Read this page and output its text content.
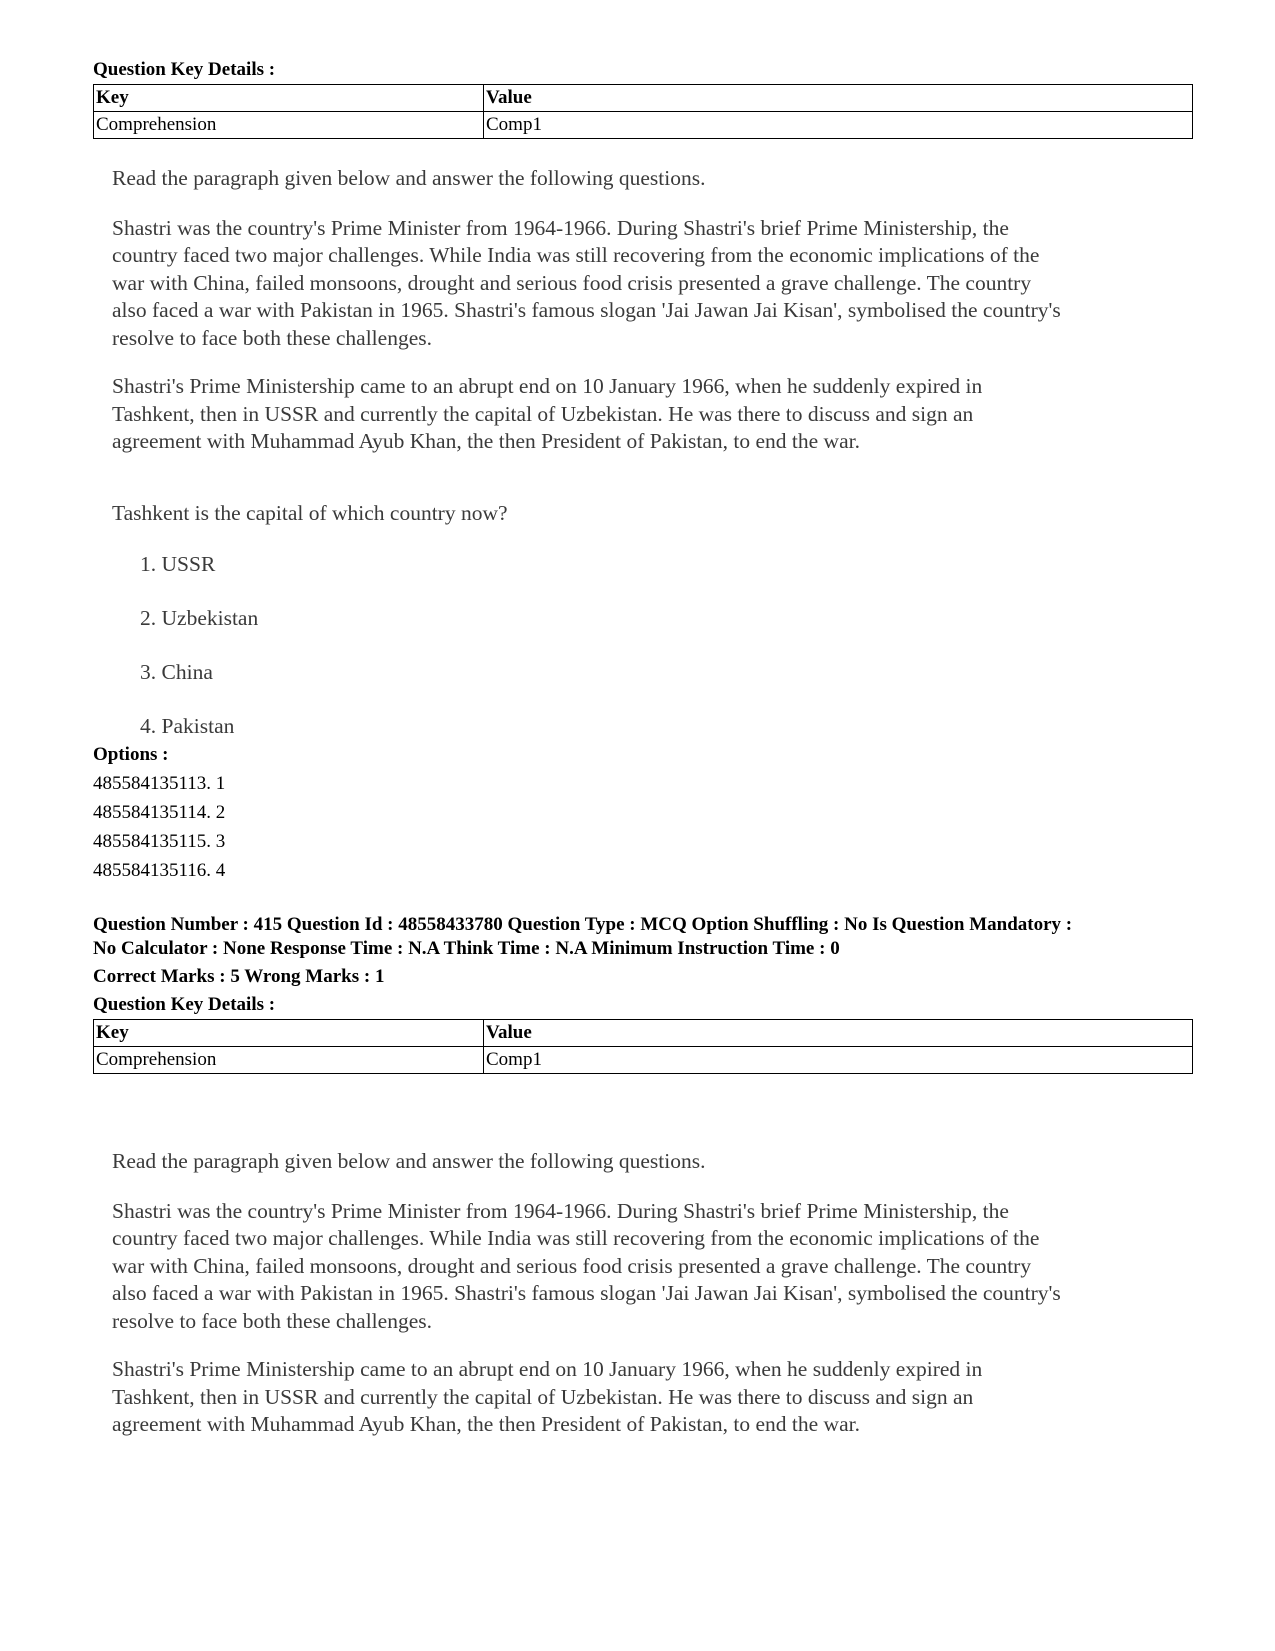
Question Key Details :
Key	Value
Comprehension	Comp1

Read the paragraph given below and answer the following questions.

Shastri was the country's Prime Minister from 1964-1966. During Shastri's brief Prime Ministership, the
country faced two major challenges. While India was still recovering from the economic implications of the
war with China, failed monsoons, drought and serious food crisis presented a grave challenge. The country
also faced a war with Pakistan in 1965. Shastri's famous slogan 'Jai Jawan Jai Kisan', symbolised the country's
resolve to face both these challenges.

Shastri's Prime Ministership came to an abrupt end on 10 January 1966, when he suddenly expired in
Tashkent, then in USSR and currently the capital of Uzbekistan. He was there to discuss and sign an
agreement with Muhammad Ayub Khan, the then President of Pakistan, to end the war.

Tashkent is the capital of which country now?
1. USSR
2. Uzbekistan
3. China
4. Pakistan
Options :
485584135113. 1
485584135114. 2
485584135115. 3
485584135116. 4
Question Number : 415 Question Id : 48558433780 Question Type : MCQ Option Shuffling : No Is Question Mandatory :
No Calculator : None Response Time : N.A Think Time : N.A Minimum Instruction Time : 0
Correct Marks : 5 Wrong Marks : 1
Question Key Details :
Key	Value
Comprehension	Comp1

Read the paragraph given below and answer the following questions.

Shastri was the country's Prime Minister from 1964-1966. During Shastri's brief Prime Ministership, the
country faced two major challenges. While India was still recovering from the economic implications of the
war with China, failed monsoons, drought and serious food crisis presented a grave challenge. The country
also faced a war with Pakistan in 1965. Shastri's famous slogan 'Jai Jawan Jai Kisan', symbolised the country's
resolve to face both these challenges.

Shastri's Prime Ministership came to an abrupt end on 10 January 1966, when he suddenly expired in
Tashkent, then in USSR and currently the capital of Uzbekistan. He was there to discuss and sign an
agreement with Muhammad Ayub Khan, the then President of Pakistan, to end the war.
